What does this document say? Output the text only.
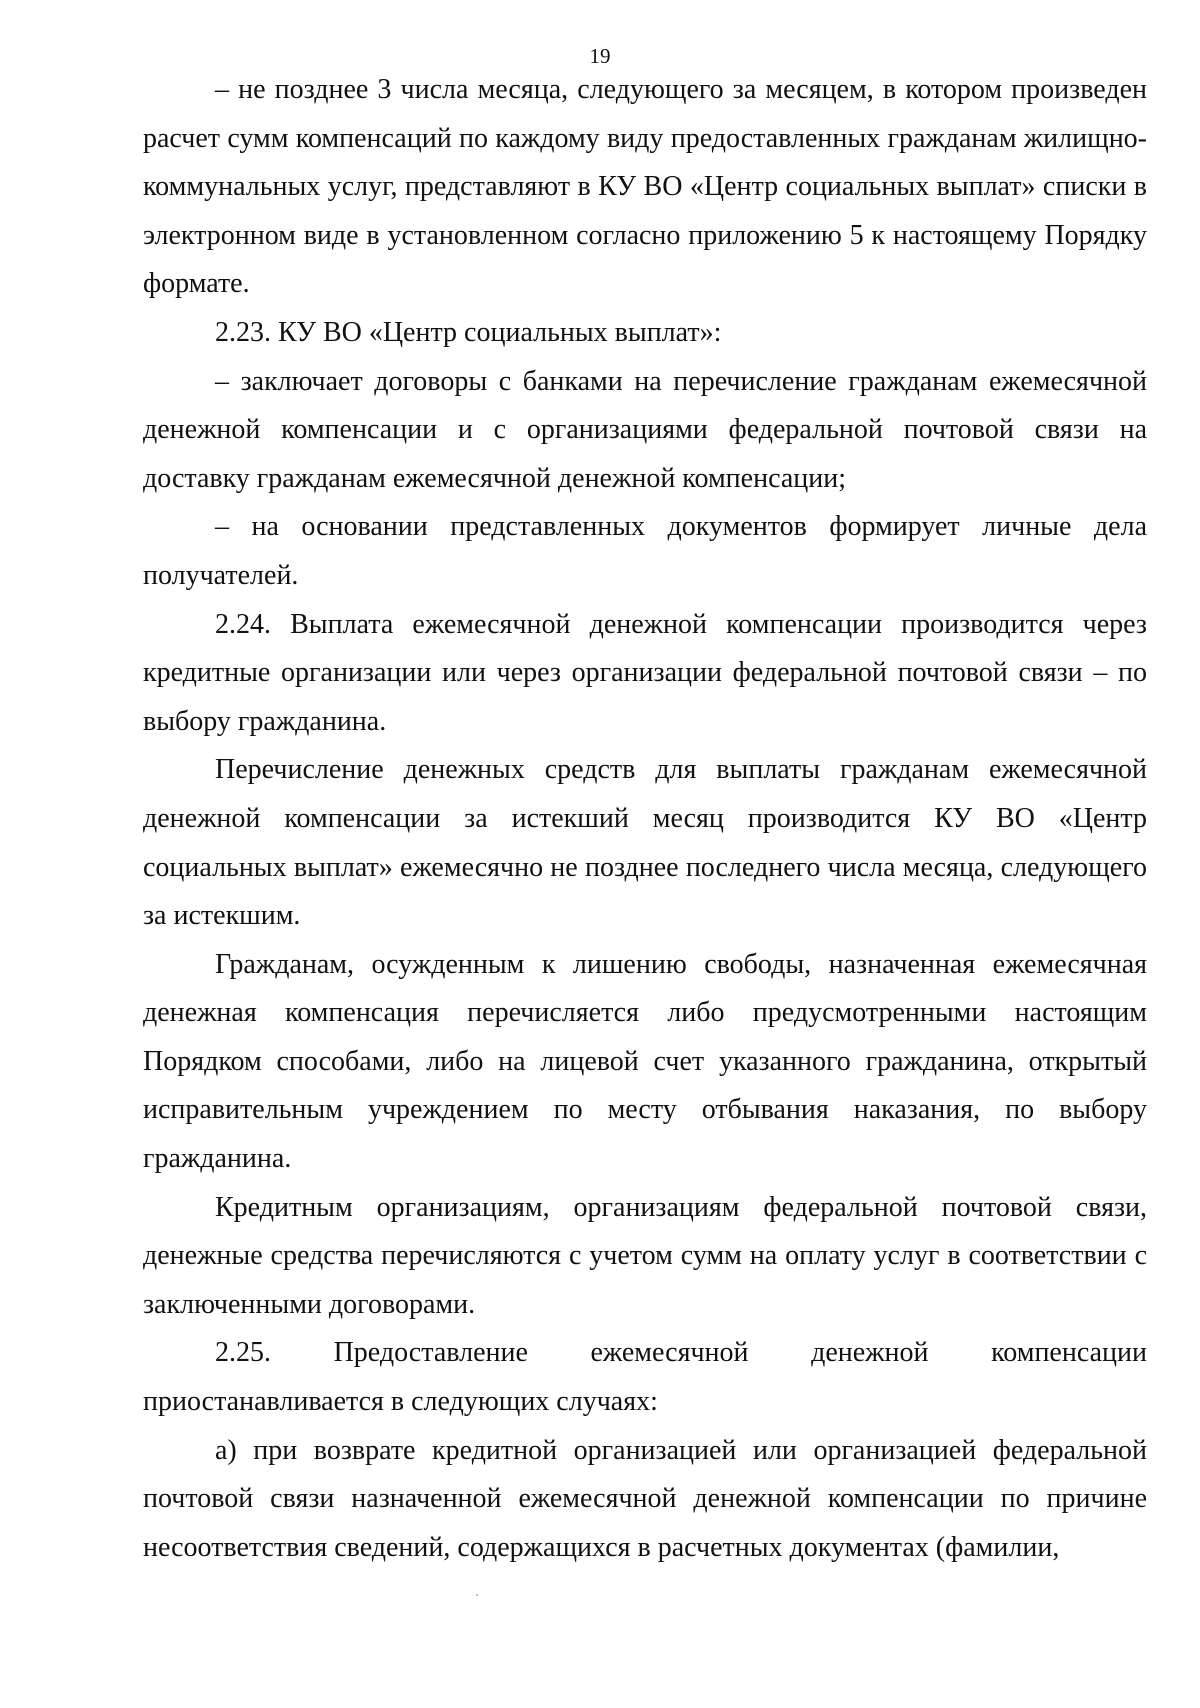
19

– не позднее 3 числа месяца, следующего за месяцем, в котором произведен расчет сумм компенсаций по каждому виду предоставленных гражданам жилищно-коммунальных услуг, представляют в КУ ВО «Центр социальных выплат» списки в электронном виде в установленном согласно приложению 5 к настоящему Порядку формате.

2.23. КУ ВО «Центр социальных выплат»:

– заключает договоры с банками на перечисление гражданам ежемесячной денежной компенсации и с организациями федеральной почтовой связи на доставку гражданам ежемесячной денежной компенсации;

– на основании представленных документов формирует личные дела получателей.

2.24. Выплата ежемесячной денежной компенсации производится через кредитные организации или через организации федеральной почтовой связи – по выбору гражданина.

Перечисление денежных средств для выплаты гражданам ежемесячной денежной компенсации за истекший месяц производится КУ ВО «Центр социальных выплат» ежемесячно не позднее последнего числа месяца, следующего за истекшим.

Гражданам, осужденным к лишению свободы, назначенная ежемесячная денежная компенсация перечисляется либо предусмотренными настоящим Порядком способами, либо на лицевой счет указанного гражданина, открытый исправительным учреждением по месту отбывания наказания, по выбору гражданина.

Кредитным организациям, организациям федеральной почтовой связи, денежные средства перечисляются с учетом сумм на оплату услуг в соответствии с заключенными договорами.

2.25. Предоставление ежемесячной денежной компенсации приостанавливается в следующих случаях:

а) при возврате кредитной организацией или организацией федеральной почтовой связи назначенной ежемесячной денежной компенсации по причине несоответствия сведений, содержащихся в расчетных документах (фамилии,
